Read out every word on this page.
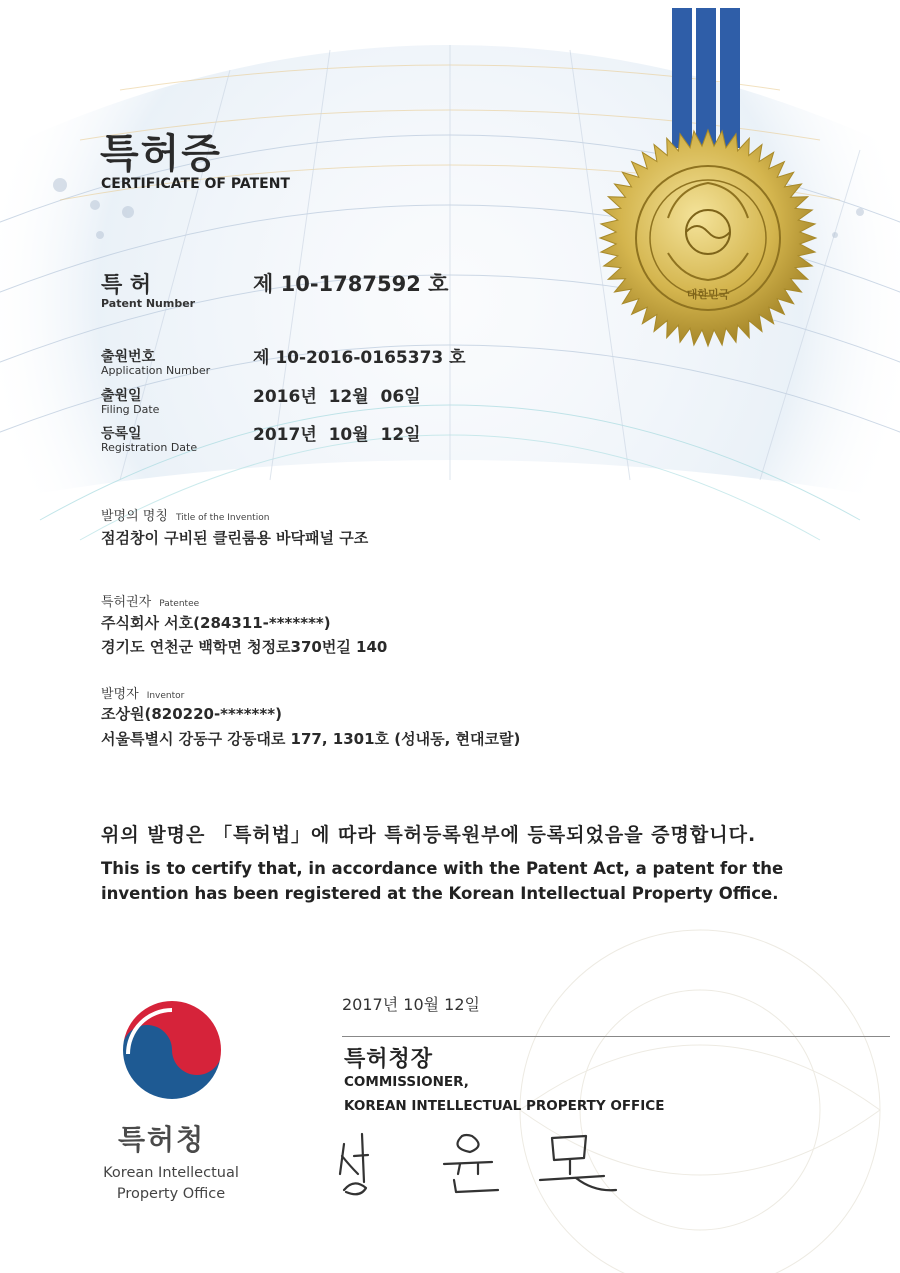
대한민국
특허증
CERTIFICATE OF PATENT
특 허
Patent Number
제 10-1787592 호
출원번호
Application Number
제 10-2016-0165373 호
출원일
Filing Date
2016년  12월  06일
등록일
Registration Date
2017년  10월  12일
발명의 명칭 Title of the Invention
점검창이 구비된 클린룸용 바닥패널 구조
특허권자 Patentee
주식회사 서호(284311-*******)
경기도 연천군 백학면 청정로370번길 140
발명자 Inventor
조상원(820220-*******)
서울특별시 강동구 강동대로 177, 1301호 (성내동, 현대코랄)
위의 발명은 「특허법」에 따라 특허등록원부에 등록되었음을 증명합니다.
This is to certify that, in accordance with the Patent Act, a patent for the invention has been registered at the Korean Intellectual Property Office.
특허청
Korean Intellectual Property Office
2017년 10월 12일
특허청장
COMMISSIONER,
KOREAN INTELLECTUAL PROPERTY OFFICE
